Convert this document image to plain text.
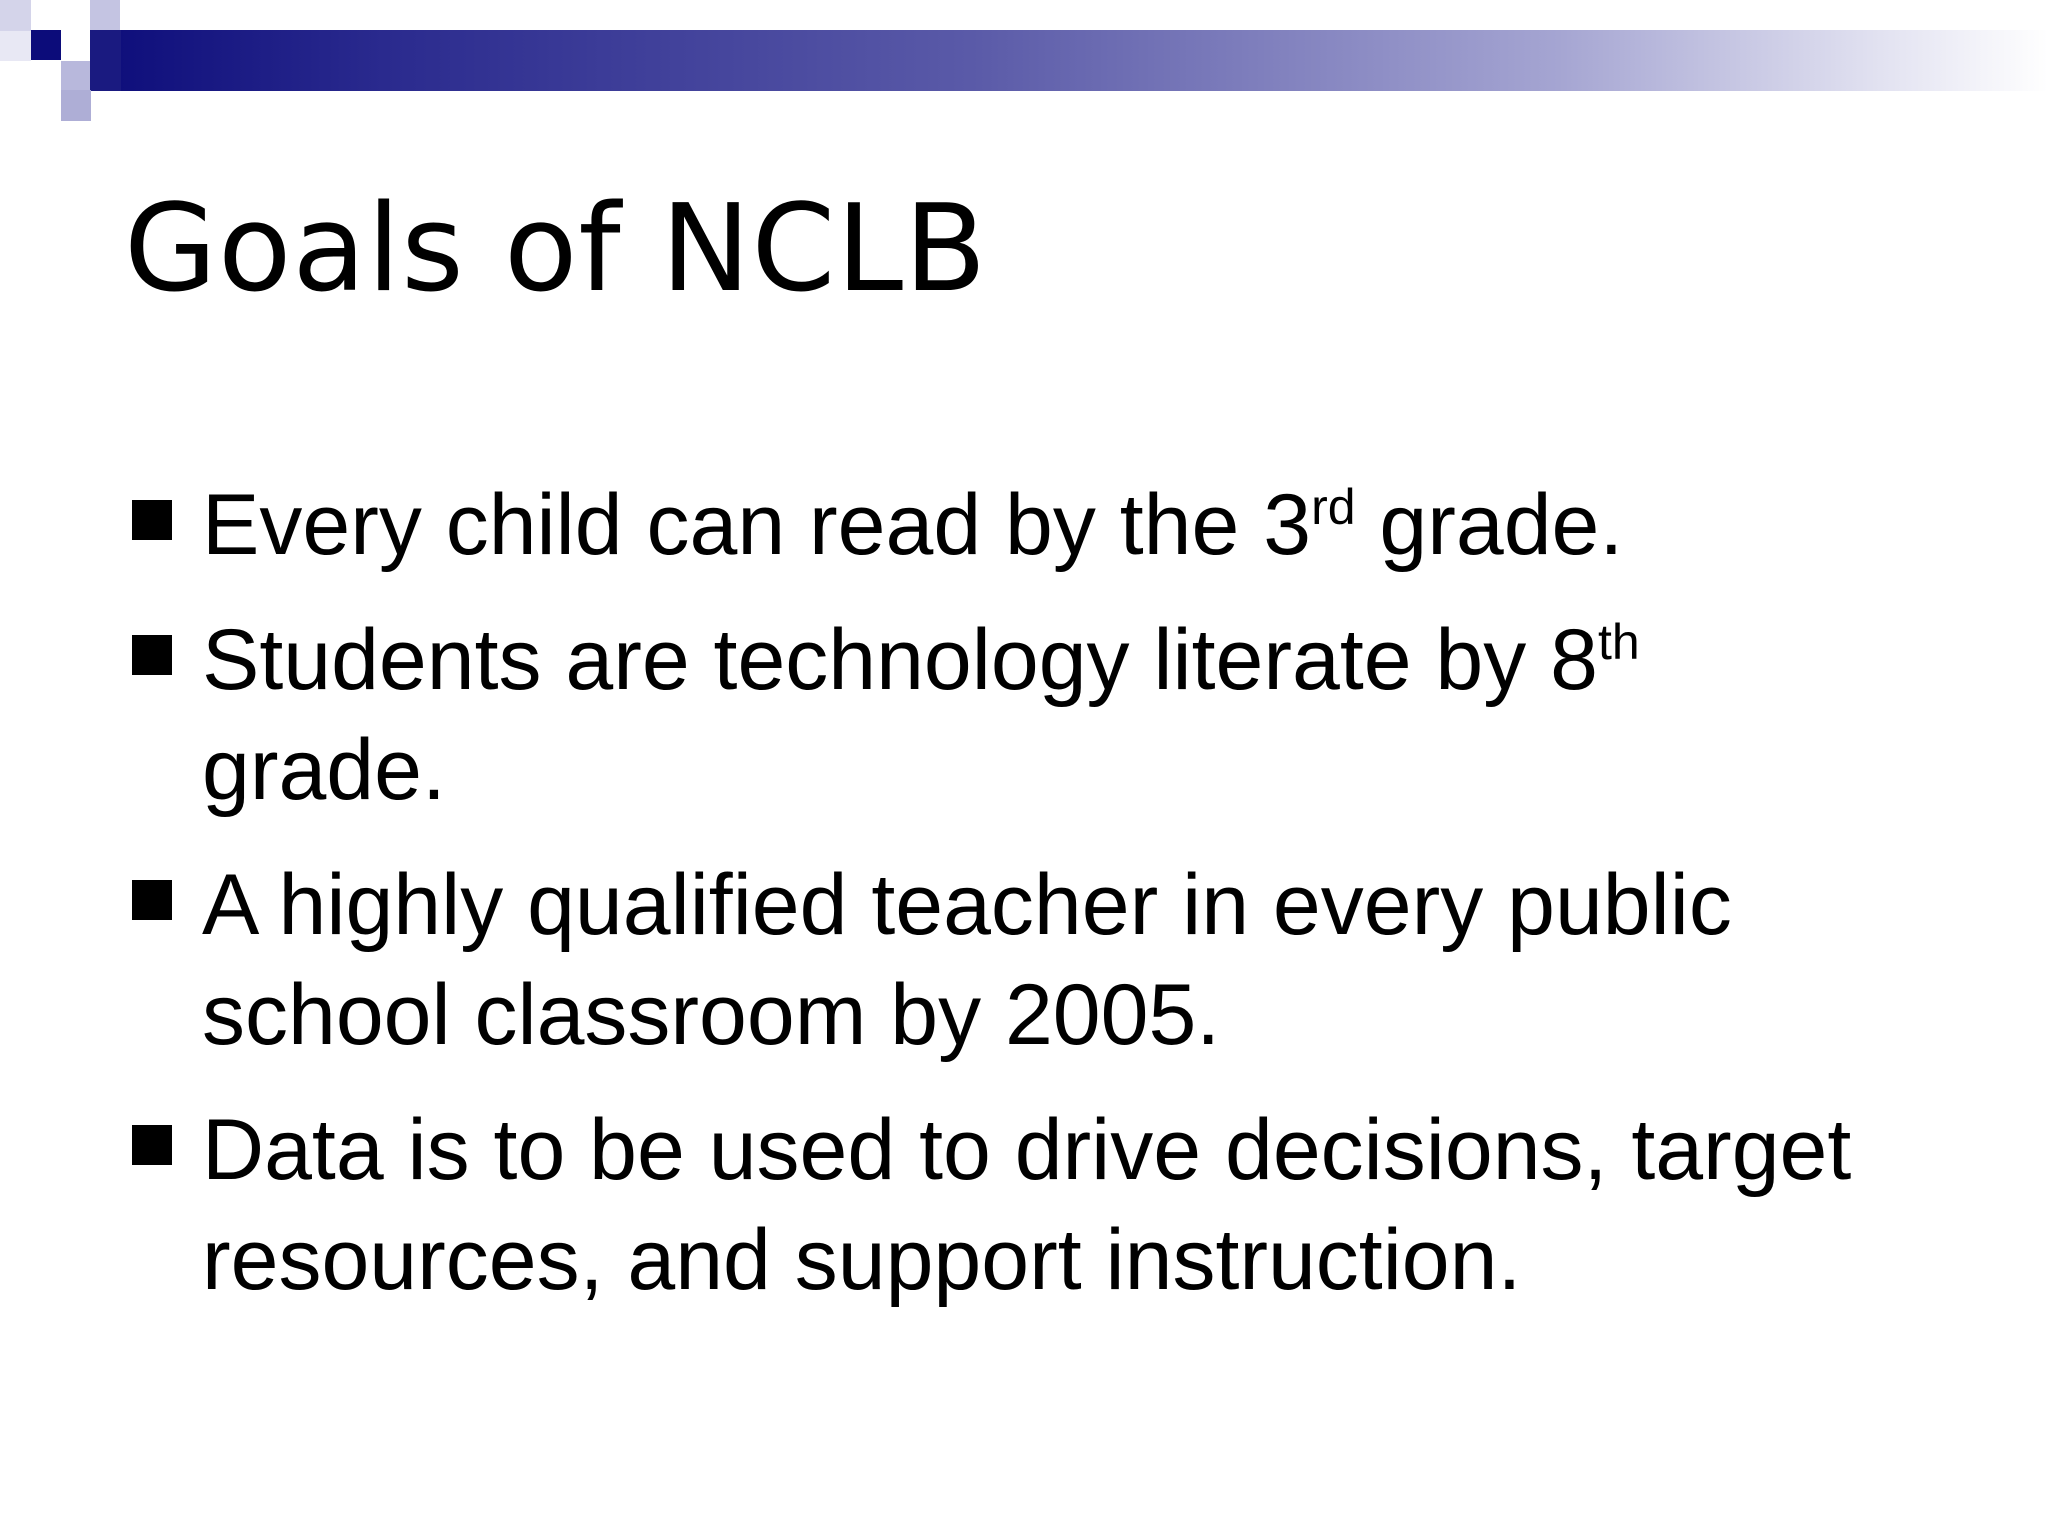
Goals of NCLB
Every child can read by the 3rd grade.
Students are technology literate by 8th
grade.
A highly qualified teacher in every public school classroom by 2005.
Data is to be used to drive decisions, target resources, and support instruction.
